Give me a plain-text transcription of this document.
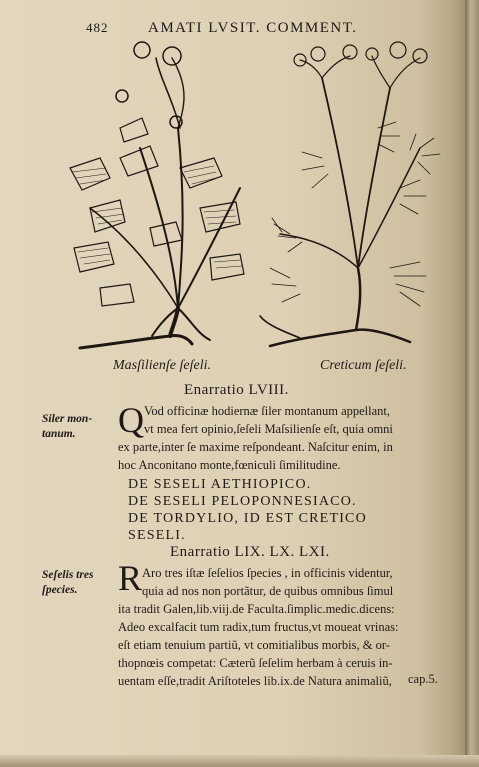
482	AMATI LVSIT. COMMENT.
Masſilienſe ſeſeli.	Creticum ſeſeli.
Enarratio LVIII.
Siler mon-
tanum.	Q Vod officinæ hodiernæ ſiler montanum appellant,
vt mea fert opinio,ſeſeli Maſsilienſe eſt, quia omni
ex parte,inter ſe maxime reſpondeant. Naſcitur enim, in
hoc Anconitano monte,fœniculi ſimilitudine.
DE SESELI AETHIOPICO.
DE SESELI PELOPONNESIACO.
DE TORDYLIO, ID EST CRETICO
SESELI.
Enarratio LIX. LX. LXI.
Seſelis tres
ſpecies.	R Aro tres iſtæ ſeſelios ſpecies , in officinis videntur,
quia ad nos non portãtur, de quibus omnibus ſimul
ita tradit Galen,lib.viij.de Faculta.ſimplic.medic.dicens:
Adeo excalfacit tum radix,tum fructus,vt moueat vrinas:
eſt etiam tenuium partiũ, vt comitialibus morbis, & or-
thopnœis competat: Cæterũ ſeſelim herbam à ceruis in-
uentam eſſe,tradit Ariſtoteles lib.ix.de Natura animaliũ,	cap.5.
